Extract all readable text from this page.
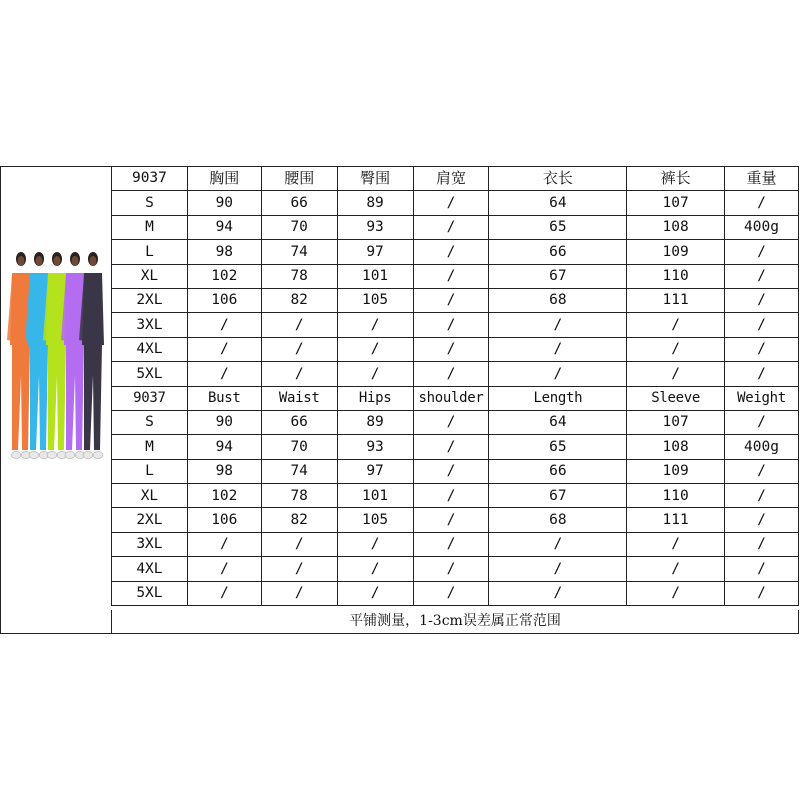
9037	胸围	腰围	臀围	肩宽	衣长	裤长	重量
S	90	66	89	/	64	107	/
M	94	70	93	/	65	108	400g
L	98	74	97	/	66	109	/
XL	102	78	101	/	67	110	/
2XL	106	82	105	/	68	111	/
3XL	/	/	/	/	/	/	/
4XL	/	/	/	/	/	/	/
5XL	/	/	/	/	/	/	/
9037	Bust	Waist	Hips	shoulder	Length	Sleeve	Weight
S	90	66	89	/	64	107	/
M	94	70	93	/	65	108	400g
L	98	74	97	/	66	109	/
XL	102	78	101	/	67	110	/
2XL	106	82	105	/	68	111	/
3XL	/	/	/	/	/	/	/
4XL	/	/	/	/	/	/	/
5XL	/	/	/	/	/	/	/
平铺测量，1-3cm误差属正常范围
